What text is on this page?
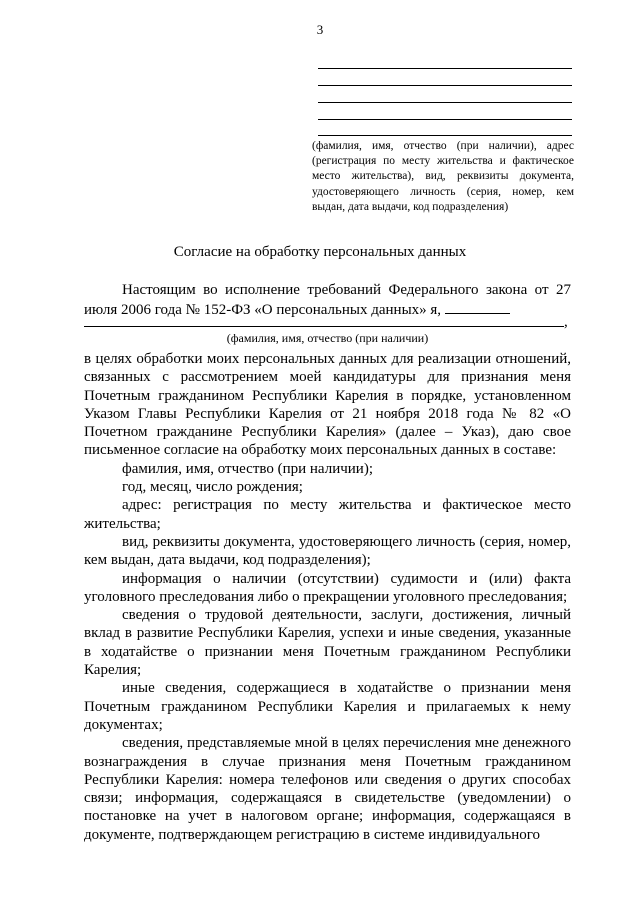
3
(фамилия, имя, отчество (при наличии), адрес (регистрация по месту жительства и фактическое место жительства), вид, реквизиты документа, удостоверяющего личность (серия, номер, кем выдан, дата выдачи, код подразделения)
Согласие на обработку персональных данных
Настоящим во исполнение требований Федерального закона от 27 июля 2006 года № 152-ФЗ «О персональных данных» я,
,
(фамилия, имя, отчество (при наличии)

в целях обработки моих персональных данных для реализации отношений, связанных с рассмотрением моей кандидатуры для признания меня Почетным гражданином Республики Карелия в порядке, установленном Указом Главы Республики Карелия от 21 ноября 2018 года № 82 «О Почетном гражданине Республики Карелия» (далее – Указ), даю свое письменное согласие на обработку моих персональных данных в составе:

фамилия, имя, отчество (при наличии);

год, месяц, число рождения;

адрес: регистрация по месту жительства и фактическое место жительства;

вид, реквизиты документа, удостоверяющего личность (серия, номер, кем выдан, дата выдачи, код подразделения);

информация о наличии (отсутствии) судимости и (или) факта уголовного преследования либо о прекращении уголовного преследования;

сведения о трудовой деятельности, заслуги, достижения, личный вклад в развитие Республики Карелия, успехи и иные сведения, указанные в ходатайстве о признании меня Почетным гражданином Республики Карелия;

иные сведения, содержащиеся в ходатайстве о признании меня Почетным гражданином Республики Карелия и прилагаемых к нему документах;

сведения, представляемые мной в целях перечисления мне денежного вознаграждения в случае признания меня Почетным гражданином Республики Карелия: номера телефонов или сведения о других способах связи; информация, содержащаяся в свидетельстве (уведомлении) о постановке на учет в налоговом органе; информация, содержащаяся в документе, подтверждающем регистрацию в системе индивидуального
